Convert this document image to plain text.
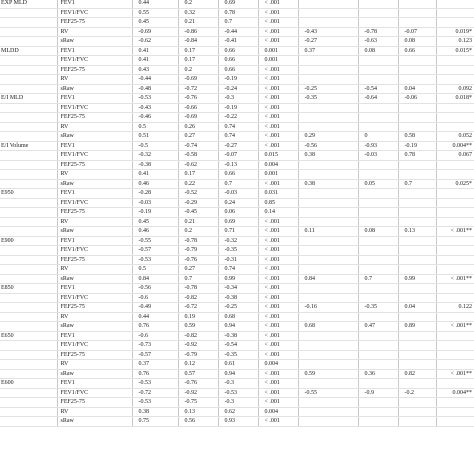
EXP MLD	FEV1	0.44	0.2	0.69	< .001				
	FEV1/FVC	0.55	0.32	0.78	< .001				
	FEF25-75	0.45	0.21	0.7	< .001				
	RV	-0.69	-0.86	-0.44	< .001	-0.43	-0.78	-0.07	0.019*
	sRaw	-0.62	-0.84	-0.41	< .001	-0.27	-0.63	0.08	0.123
MLDD	FEV1	0.41	0.17	0.66	0.001	0.37	0.08	0.66	0.015*
	FEV1/FVC	0.41	0.17	0.66	0.001				
	FEF25-75	0.43	0.2	0.66	< .001				
	RV	-0.44	-0.69	-0.19	< .001				
	sRaw	-0.48	-0.72	-0.24	< .001	-0.25	-0.54	0.04	0.092
E/I MLD	FEV1	-0.53	-0.76	-0.3	< .001	-0.35	-0.64	-0.06	0.018*
	FEV1/FVC	-0.43	-0.66	-0.19	< .001				
	FEF25-75	-0.46	-0.69	-0.22	< .001				
	RV	0.5	0.26	0.74	< .001				
	sRaw	0.51	0.27	0.74	< .001	0.29	0	0.58	0.052
E/I Volume	FEV1	-0.5	-0.74	-0.27	< .001	-0.56	-0.93	-0.19	0.004**
	FEV1/FVC	-0.32	-0.58	-0.07	0.015	0.38	-0.03	0.78	0.067
	FEF25-75	-0.38	-0.62	-0.13	0.004				
	RV	0.41	0.17	0.66	0.001				
	sRaw	0.46	0.22	0.7	< .001	0.38	0.05	0.7	0.025*
E950	FEV1	-0.28	-0.52	-0.03	0.031				
	FEV1/FVC	-0.03	-0.29	0.24	0.85				
	FEF25-75	-0.19	-0.45	0.06	0.14				
	RV	0.45	0.21	0.69	< .001				
	sRaw	0.46	0.2	0.71	< .001	0.11	0.08	0.13	< .001**
E900	FEV1	-0.55	-0.78	-0.32	< .001				
	FEV1/FVC	-0.57	-0.79	-0.35	< .001				
	FEF25-75	-0.53	-0.76	-0.31	< .001				
	RV	0.5	0.27	0.74	< .001				
	sRaw	0.84	0.7	0.99	< .001	0.84	0.7	0.99	< .001**
E850	FEV1	-0.56	-0.78	-0.34	< .001				
	FEV1/FVC	-0.6	-0.82	-0.38	< .001				
	FEF25-75	-0.49	-0.72	-0.25	< .001	-0.16	-0.35	0.04	0.122
	RV	0.44	0.19	0.68	< .001				
	sRaw	0.76	0.59	0.94	< .001	0.68	0.47	0.89	< .001**
E650	FEV1	-0.6	-0.82	-0.38	< .001				
	FEV1/FVC	-0.73	-0.92	-0.54	< .001				
	FEF25-75	-0.57	-0.79	-0.35	< .001				
	RV	0.37	0.12	0.61	0.004				
	sRaw	0.76	0.57	0.94	< .001	0.59	0.36	0.82	< .001**
E600	FEV1	-0.53	-0.76	-0.3	< .001				
	FEV1/FVC	-0.72	-0.92	-0.53	< .001	-0.55	-0.9	-0.2	0.004**
	FEF25-75	-0.53	-0.75	-0.3	< .001				
	RV	0.38	0.13	0.62	0.004				
	sRaw	0.75	0.56	0.93	< .001				
